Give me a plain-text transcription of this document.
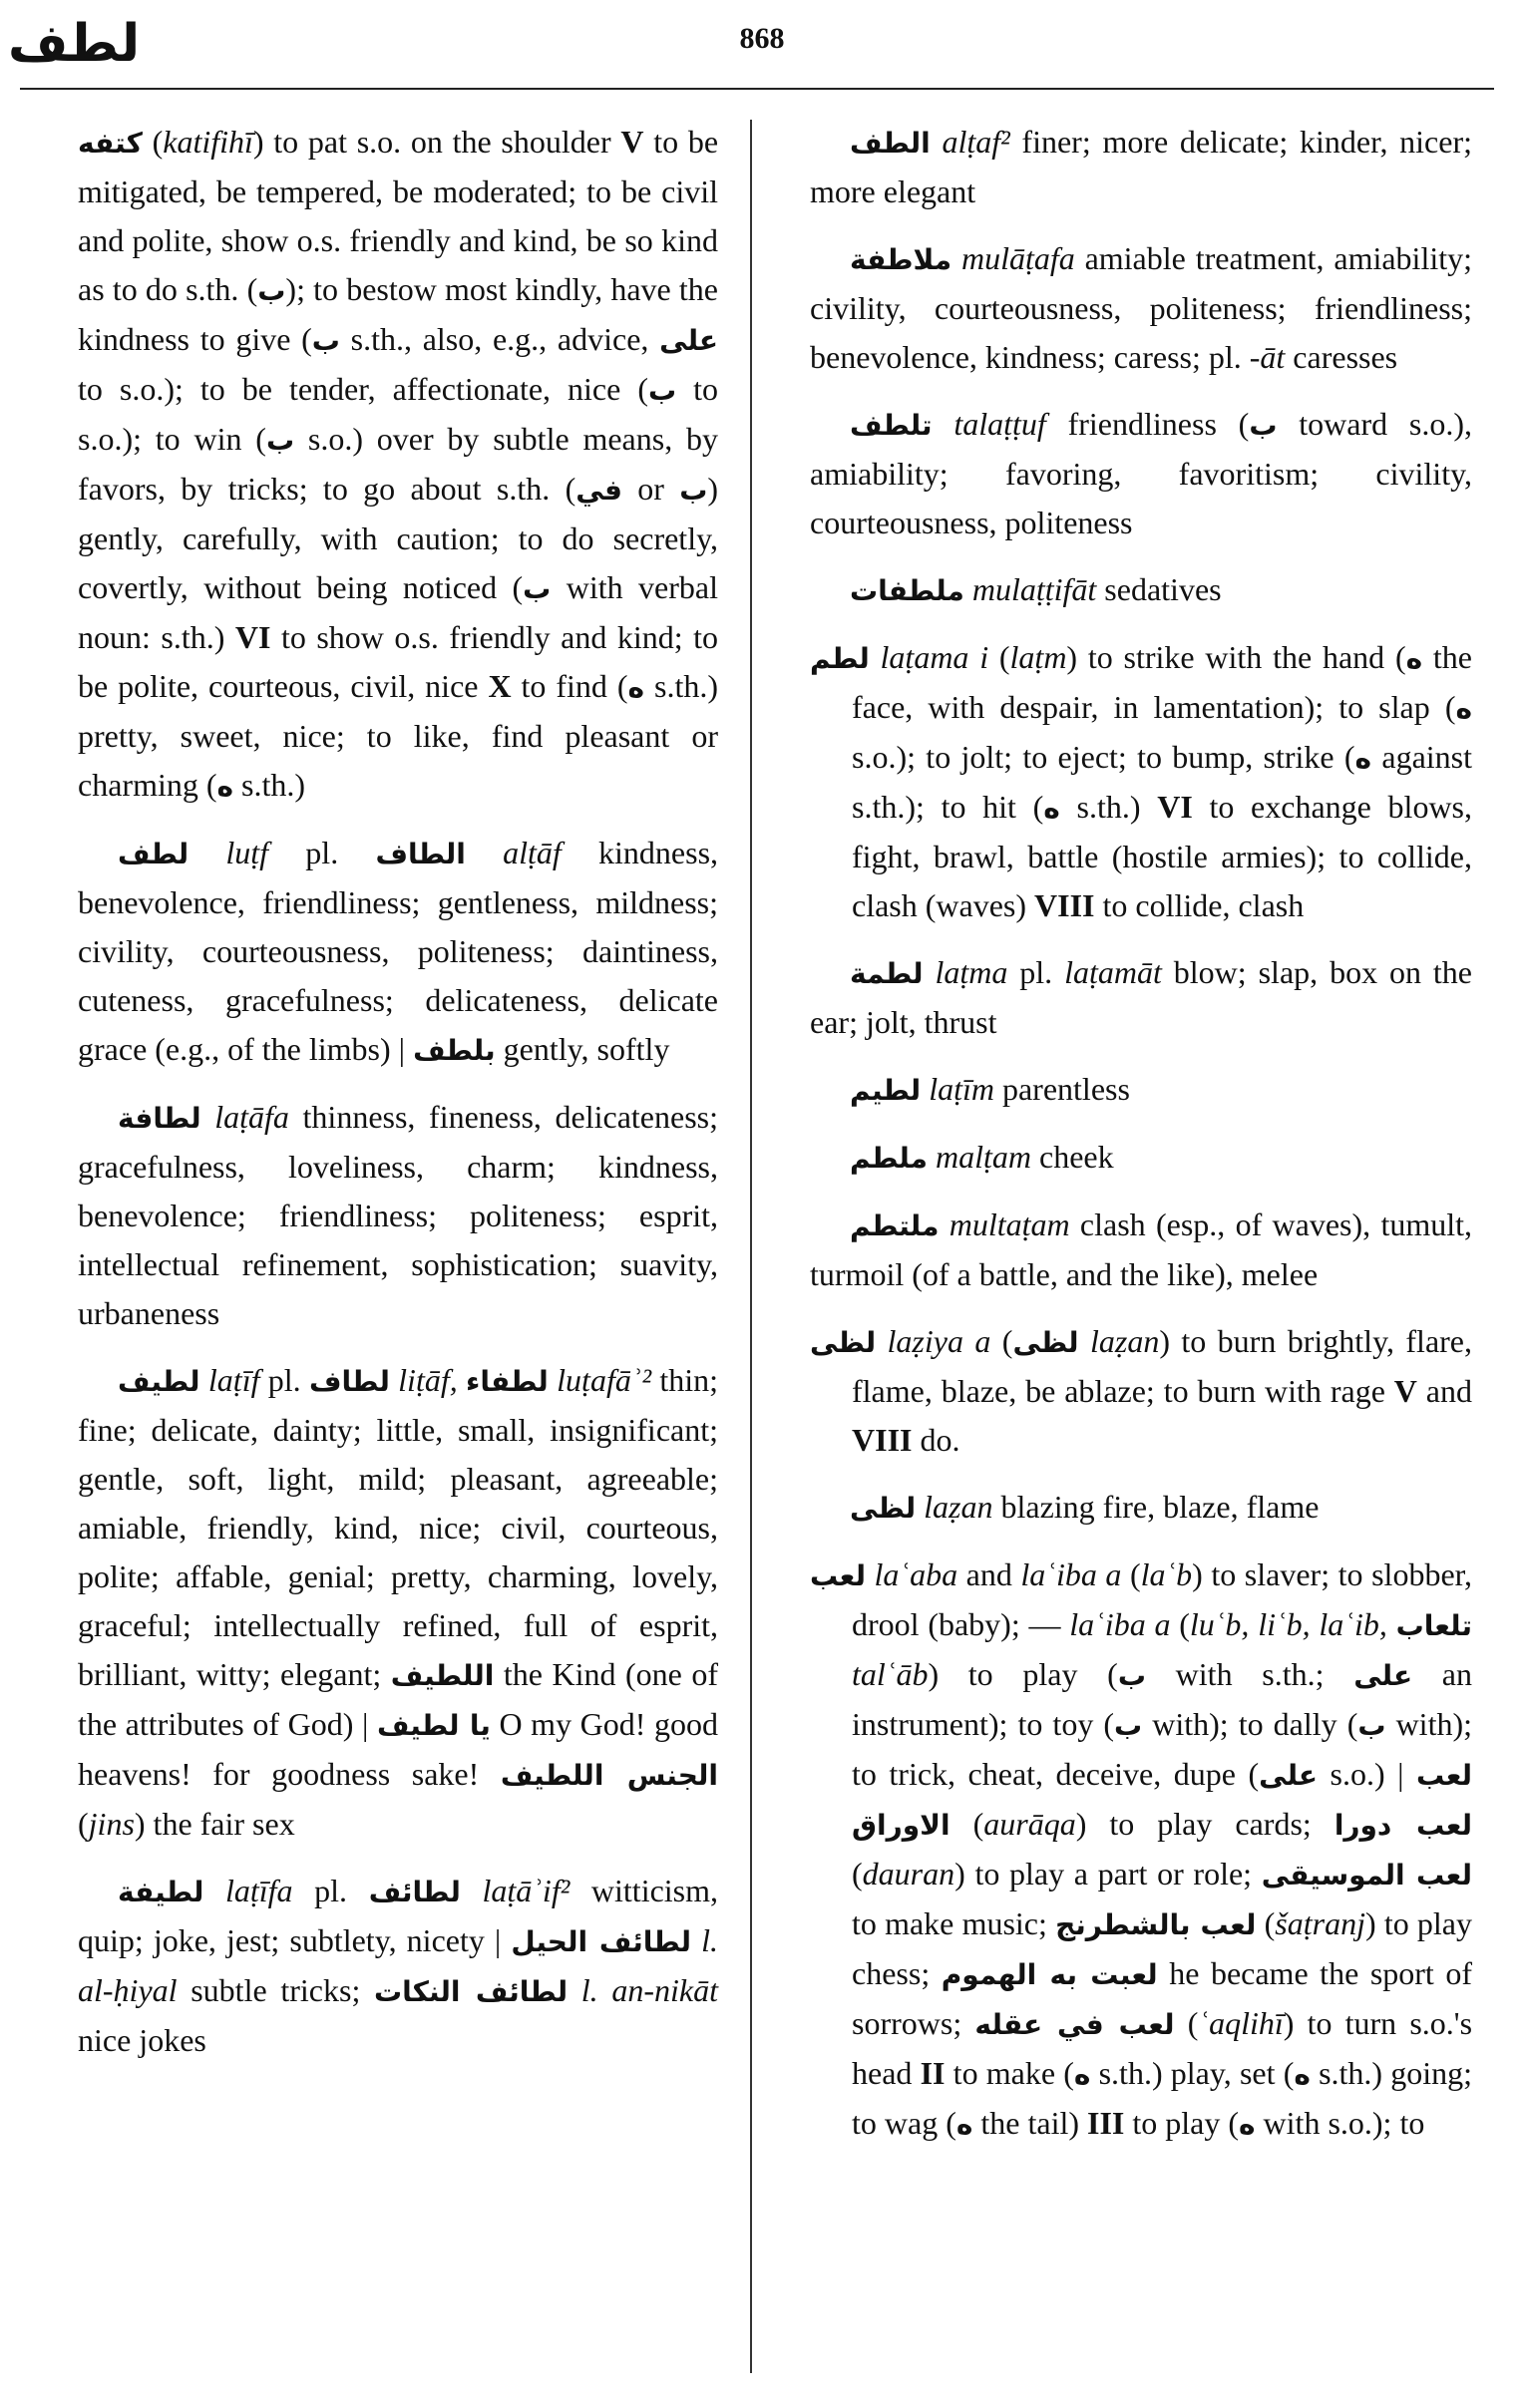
لطف	868

كتفه (katifihī) to pat s.o. on the shoulder V to be mitigated, be tempered, be moderated; to be civil and polite, show o.s. friendly and kind, be so kind as to do s.th. (ب); to bestow most kindly, have the kindness to give (ب s.th., also, e.g., advice, على to s.o.); to be tender, affectionate, nice (ب to s.o.); to win (ب s.o.) over by subtle means, by favors, by tricks; to go about s.th. (في or ب) gently, carefully, with caution; to do secretly, covertly, without being noticed (ب with verbal noun: s.th.) VI to show o.s. friendly and kind; to be polite, courteous, civil, nice X to find (ه s.th.) pretty, sweet, nice; to like, find pleasant or charming (ه s.th.)

لطف luṭf pl. الطاف alṭāf kindness, benevolence, friendliness; gentleness, mildness; civility, courteousness, politeness; daintiness, cuteness, gracefulness; delicateness, delicate grace (e.g., of the limbs) | بلطف gently, softly

لطافة laṭāfa thinness, fineness, delicateness; gracefulness, loveliness, charm; kindness, benevolence; friendliness; politeness; esprit, intellectual refinement, sophistication; suavity, urbaneness

لطيف laṭīf pl. لطاف liṭāf, لطفاء luṭafāʾ² thin; fine; delicate, dainty; little, small, insignificant; gentle, soft, light, mild; pleasant, agreeable; amiable, friendly, kind, nice; civil, courteous, polite; affable, genial; pretty, charming, lovely, graceful; intellectually refined, full of esprit, brilliant, witty; elegant; اللطيف the Kind (one of the attributes of God) | يا لطيف O my God! good heavens! for goodness sake! الجنس اللطيف (jins) the fair sex

لطيفة laṭīfa pl. لطائف laṭāʾif² witticism, quip; joke, jest; subtlety, nicety | لطائف الحيل l. al-ḥiyal subtle tricks; لطائف النكات l. an-nikāt nice jokes

الطف alṭaf² finer; more delicate; kinder, nicer; more elegant

ملاطفة mulāṭafa amiable treatment, amiability; civility, courteousness, politeness; friendliness; benevolence, kindness; caress; pl. -āt caresses

تلطف talaṭṭuf friendliness (ب toward s.o.), amiability; favoring, favoritism; civility, courteousness, politeness

ملطفات mulaṭṭifāt sedatives

لطم laṭama i (laṭm) to strike with the hand (ه the face, with despair, in lamentation); to slap (ه s.o.); to jolt; to eject; to bump, strike (ه against s.th.); to hit (ه s.th.) VI to exchange blows, fight, brawl, battle (hostile armies); to collide, clash (waves) VIII to collide, clash

لطمة laṭma pl. laṭamāt blow; slap, box on the ear; jolt, thrust

لطيم laṭīm parentless

ملطم malṭam cheek

ملتطم multaṭam clash (esp., of waves), tumult, turmoil (of a battle, and the like), melee

لظى laẓiya a (لظى laẓan) to burn brightly, flare, flame, blaze, be ablaze; to burn with rage V and VIII do.

لظى laẓan blazing fire, blaze, flame

لعب laʿaba and laʿiba a (laʿb) to slaver; to slobber, drool (baby); — laʿiba a (luʿb, liʿb, laʿib, تلعاب talʿāb) to play (ب with s.th.; على an instrument); to toy (ب with); to dally (ب with); to trick, cheat, deceive, dupe (على s.o.) | لعب الاوراق (aurāqa) to play cards; لعب دورا (dauran) to play a part or role; لعب الموسيقى to make music; لعب بالشطرنج (šaṭranj) to play chess; لعبت به الهموم he became the sport of sorrows; لعب في عقله (ʿaqlihī) to turn s.o.'s head II to make (ه s.th.) play, set (ه s.th.) going; to wag (ه the tail) III to play (ه with s.o.); to
